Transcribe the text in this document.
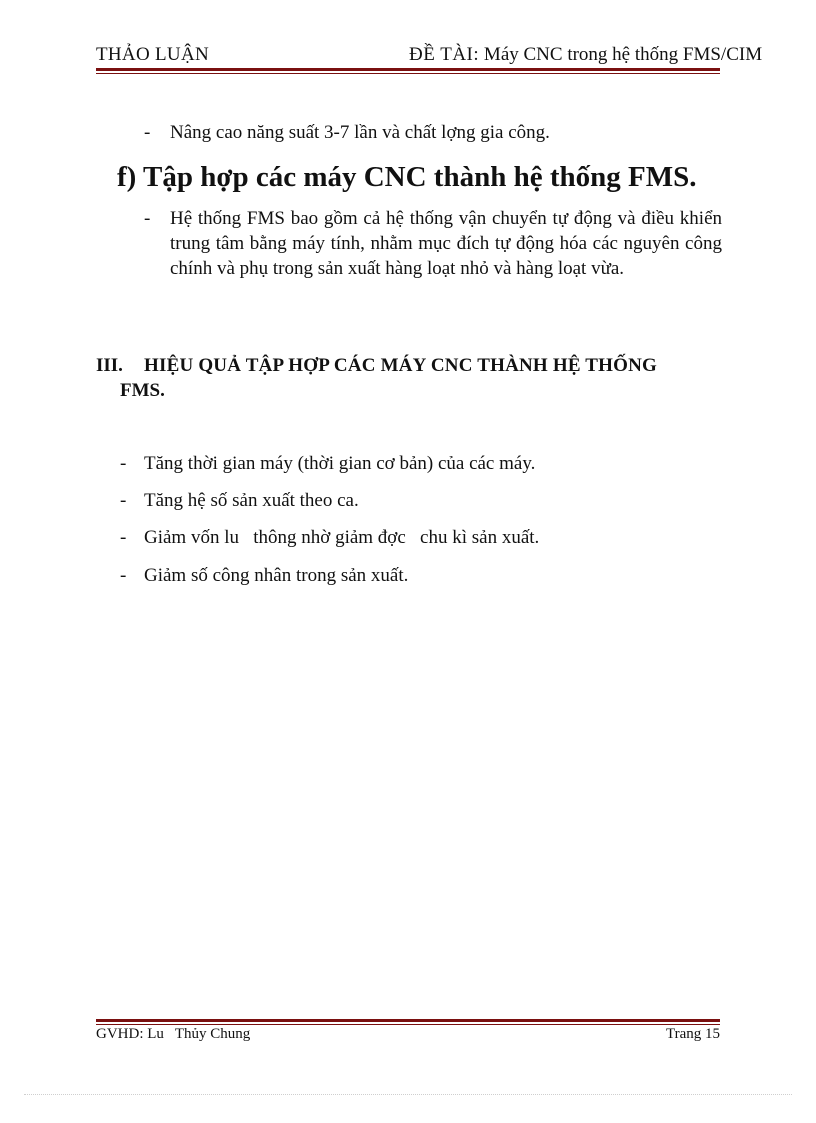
THẢO LUẬN	ĐỀ TÀI: Máy CNC trong hệ thống FMS/CIM
- Nâng cao năng suất 3-7 lần và chất lợng gia công.
f) Tập hợp các máy CNC thành hệ thống FMS.
- Hệ thống FMS bao gồm cả hệ thống vận chuyển tự động và điều khiển trung tâm bằng máy tính, nhằm mục đích tự động hóa các nguyên công chính và phụ trong sản xuất hàng loạt nhỏ và hàng loạt vừa.
III. HIỆU QUẢ TẬP HỢP CÁC MÁY CNC THÀNH HỆ THỐNG
FMS.
- Tăng thời gian máy (thời gian cơ bản) của các máy.
- Tăng hệ số sản xuất theo ca.
- Giảm vốn lu   thông nhờ giảm đợc   chu kì sản xuất.
- Giảm số công nhân trong sản xuất.
GVHD: Lu   Thủy Chung	Trang 15
